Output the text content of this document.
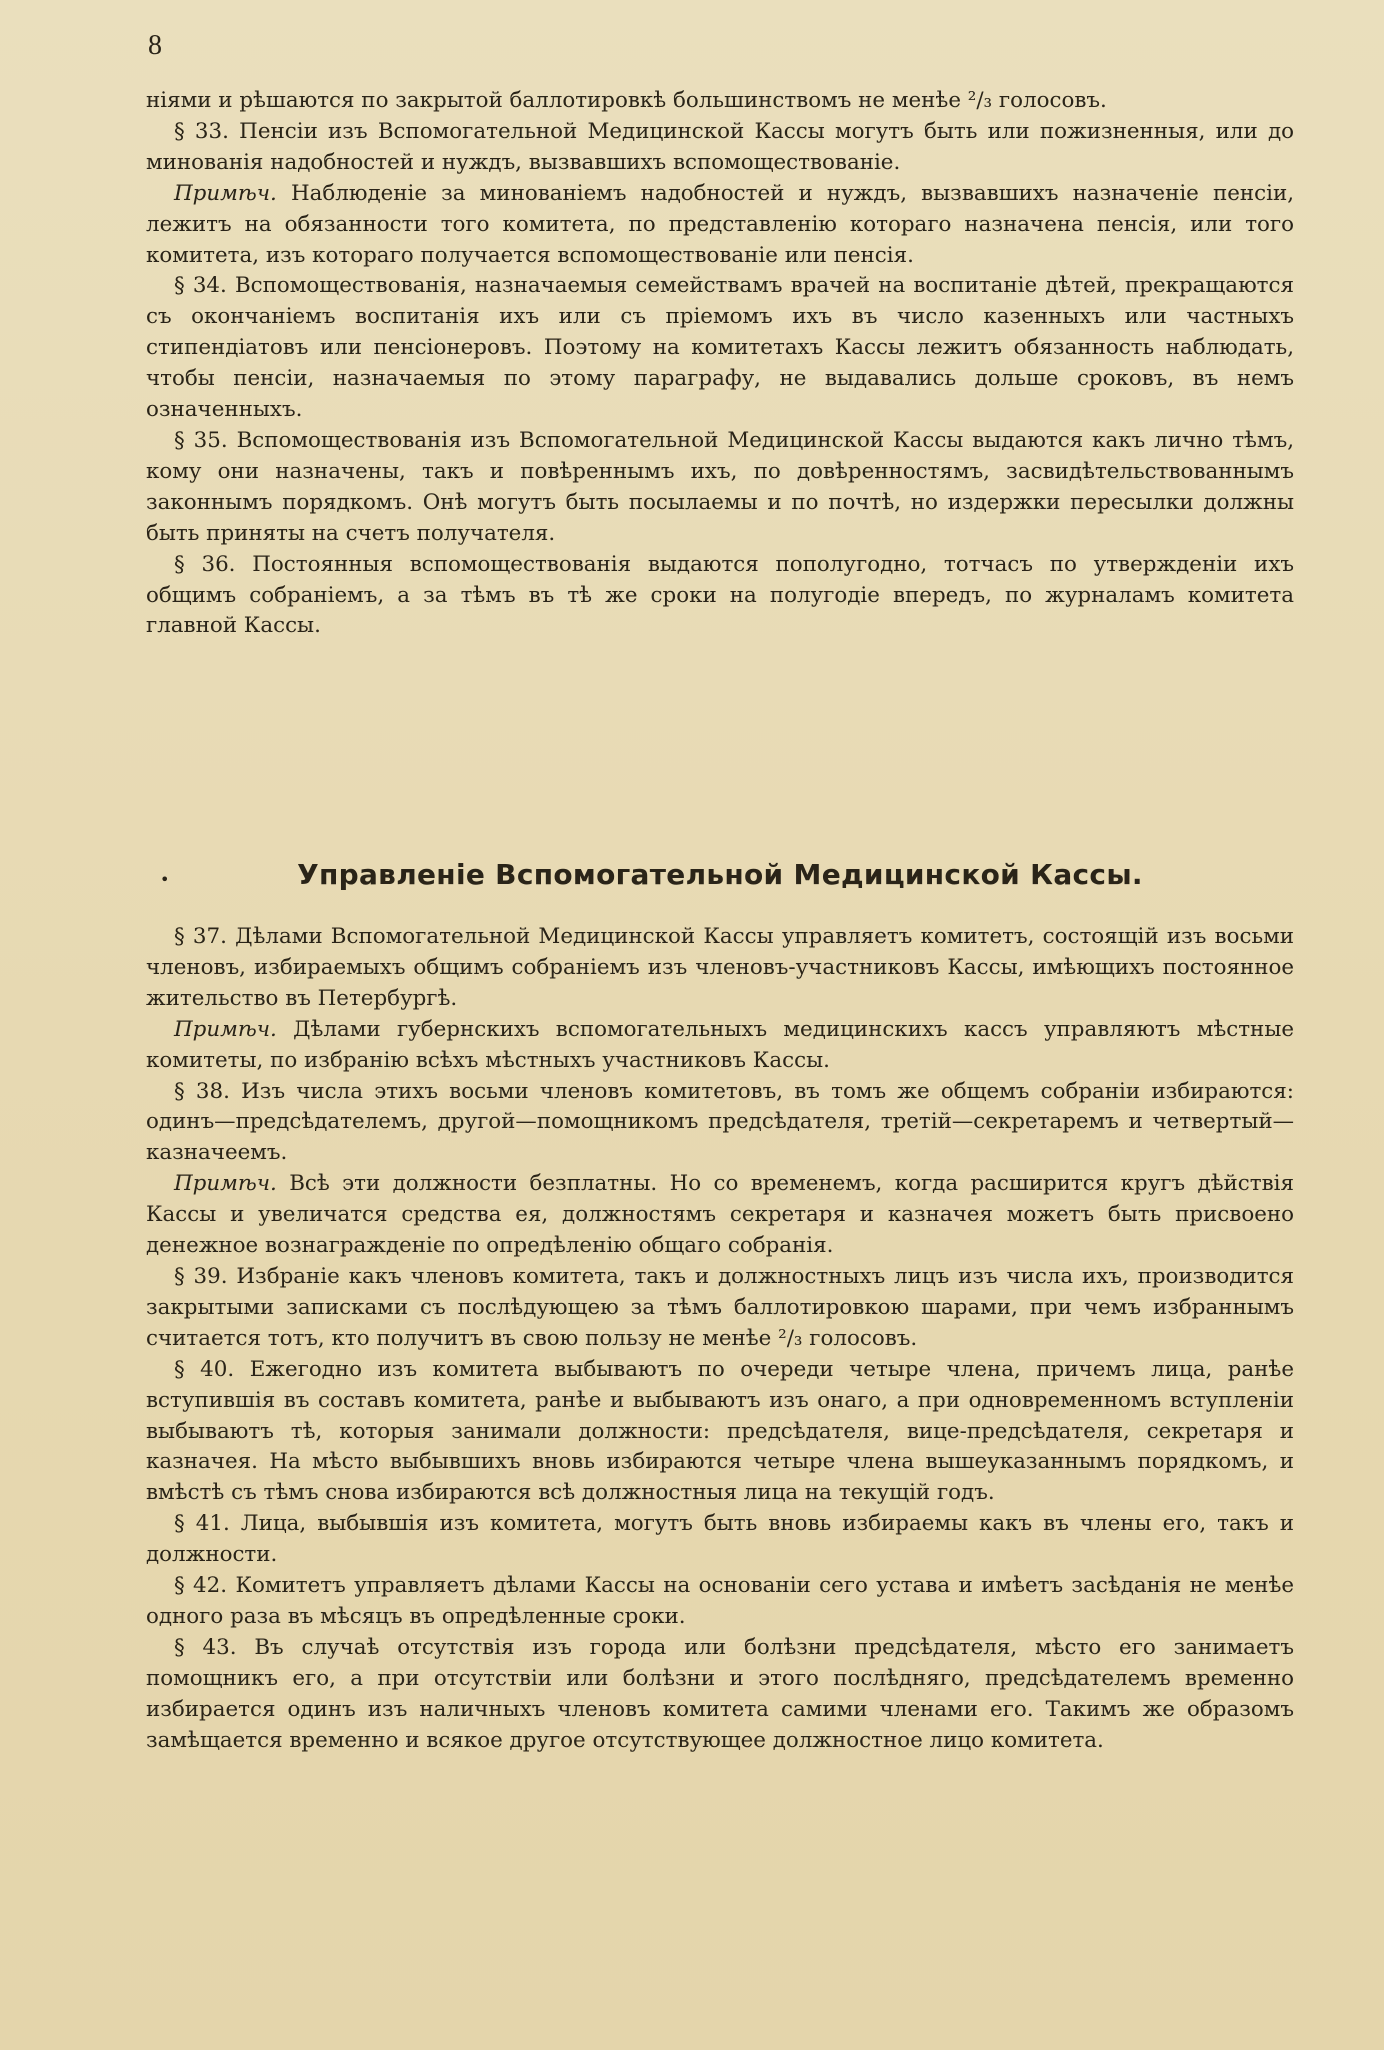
8

ніями и рѣшаются по закрытой баллотировкѣ большинствомъ не менѣе ²/₃ голосовъ.

§ 33. Пенсіи изъ Вспомогательной Медицинской Кассы могутъ быть или пожизненныя, или до минованія надобностей и нуждъ, вызвавшихъ вспомоществованіе.

Примѣч. Наблюденіе за минованіемъ надобностей и нуждъ, вызвавшихъ назначеніе пенсіи, лежитъ на обязанности того комитета, по представленію котораго назначена пенсія, или того комитета, изъ котораго получается вспомоществованіе или пенсія.

§ 34. Вспомоществованія, назначаемыя семействамъ врачей на воспитаніе дѣтей, прекращаются съ окончаніемъ воспитанія ихъ или съ пріемомъ ихъ въ число казенныхъ или частныхъ стипендіатовъ или пенсіонеровъ. Поэтому на комитетахъ Кассы лежитъ обязанность наблюдать, чтобы пенсіи, назначаемыя по этому параграфу, не выдавались дольше сроковъ, въ немъ означенныхъ.

§ 35. Вспомоществованія изъ Вспомогательной Медицинской Кассы выдаются какъ лично тѣмъ, кому они назначены, такъ и повѣреннымъ ихъ, по довѣренностямъ, засвидѣтельствованнымъ законнымъ порядкомъ. Онѣ могутъ быть посылаемы и по почтѣ, но издержки пересылки должны быть приняты на счетъ получателя.

§ 36. Постоянныя вспомоществованія выдаются пополугодно, тотчасъ по утвержденіи ихъ общимъ собраніемъ, а за тѣмъ въ тѣ же сроки на полугодіе впередъ, по журналамъ комитета главной Кассы.

•	Управленіе Вспомогательной Медицинской Кассы.

§ 37. Дѣлами Вспомогательной Медицинской Кассы управляетъ комитетъ, состоящій изъ восьми членовъ, избираемыхъ общимъ собраніемъ изъ членовъ-участниковъ Кассы, имѣющихъ постоянное жительство въ Петербургѣ.

Примѣч. Дѣлами губернскихъ вспомогательныхъ медицинскихъ кассъ управляютъ мѣстные комитеты, по избранію всѣхъ мѣстныхъ участниковъ Кассы.

§ 38. Изъ числа этихъ восьми членовъ комитетовъ, въ томъ же общемъ собраніи избираются: одинъ—предсѣдателемъ, другой—помощникомъ предсѣдателя, третій—секретаремъ и четвертый—казначеемъ.

Примѣч. Всѣ эти должности безплатны. Но со временемъ, когда расширится кругъ дѣйствія Кассы и увеличатся средства ея, должностямъ секретаря и казначея можетъ быть присвоено денежное вознагражденіе по опредѣленію общаго собранія.

§ 39. Избраніе какъ членовъ комитета, такъ и должностныхъ лицъ изъ числа ихъ, производится закрытыми записками съ послѣдующею за тѣмъ баллотировкою шарами, при чемъ избраннымъ считается тотъ, кто получитъ въ свою пользу не менѣе ²/₃ голосовъ.

§ 40. Ежегодно изъ комитета выбываютъ по очереди четыре члена, причемъ лица, ранѣе вступившія въ составъ комитета, ранѣе и выбываютъ изъ онаго, а при одновременномъ вступленіи выбываютъ тѣ, которыя занимали должности: предсѣдателя, вице-предсѣдателя, секретаря и казначея. На мѣсто выбывшихъ вновь избираются четыре члена вышеуказаннымъ порядкомъ, и вмѣстѣ съ тѣмъ снова избираются всѣ должностныя лица на текущій годъ.

§ 41. Лица, выбывшія изъ комитета, могутъ быть вновь избираемы какъ въ члены его, такъ и должности.

§ 42. Комитетъ управляетъ дѣлами Кассы на основаніи сего устава и имѣетъ засѣданія не менѣе одного раза въ мѣсяцъ въ опредѣленные сроки.

§ 43. Въ случаѣ отсутствія изъ города или болѣзни предсѣдателя, мѣсто его занимаетъ помощникъ его, а при отсутствіи или болѣзни и этого послѣдняго, предсѣдателемъ временно избирается одинъ изъ наличныхъ членовъ комитета самими членами его. Такимъ же образомъ замѣщается временно и всякое другое отсутствующее должностное лицо комитета.
